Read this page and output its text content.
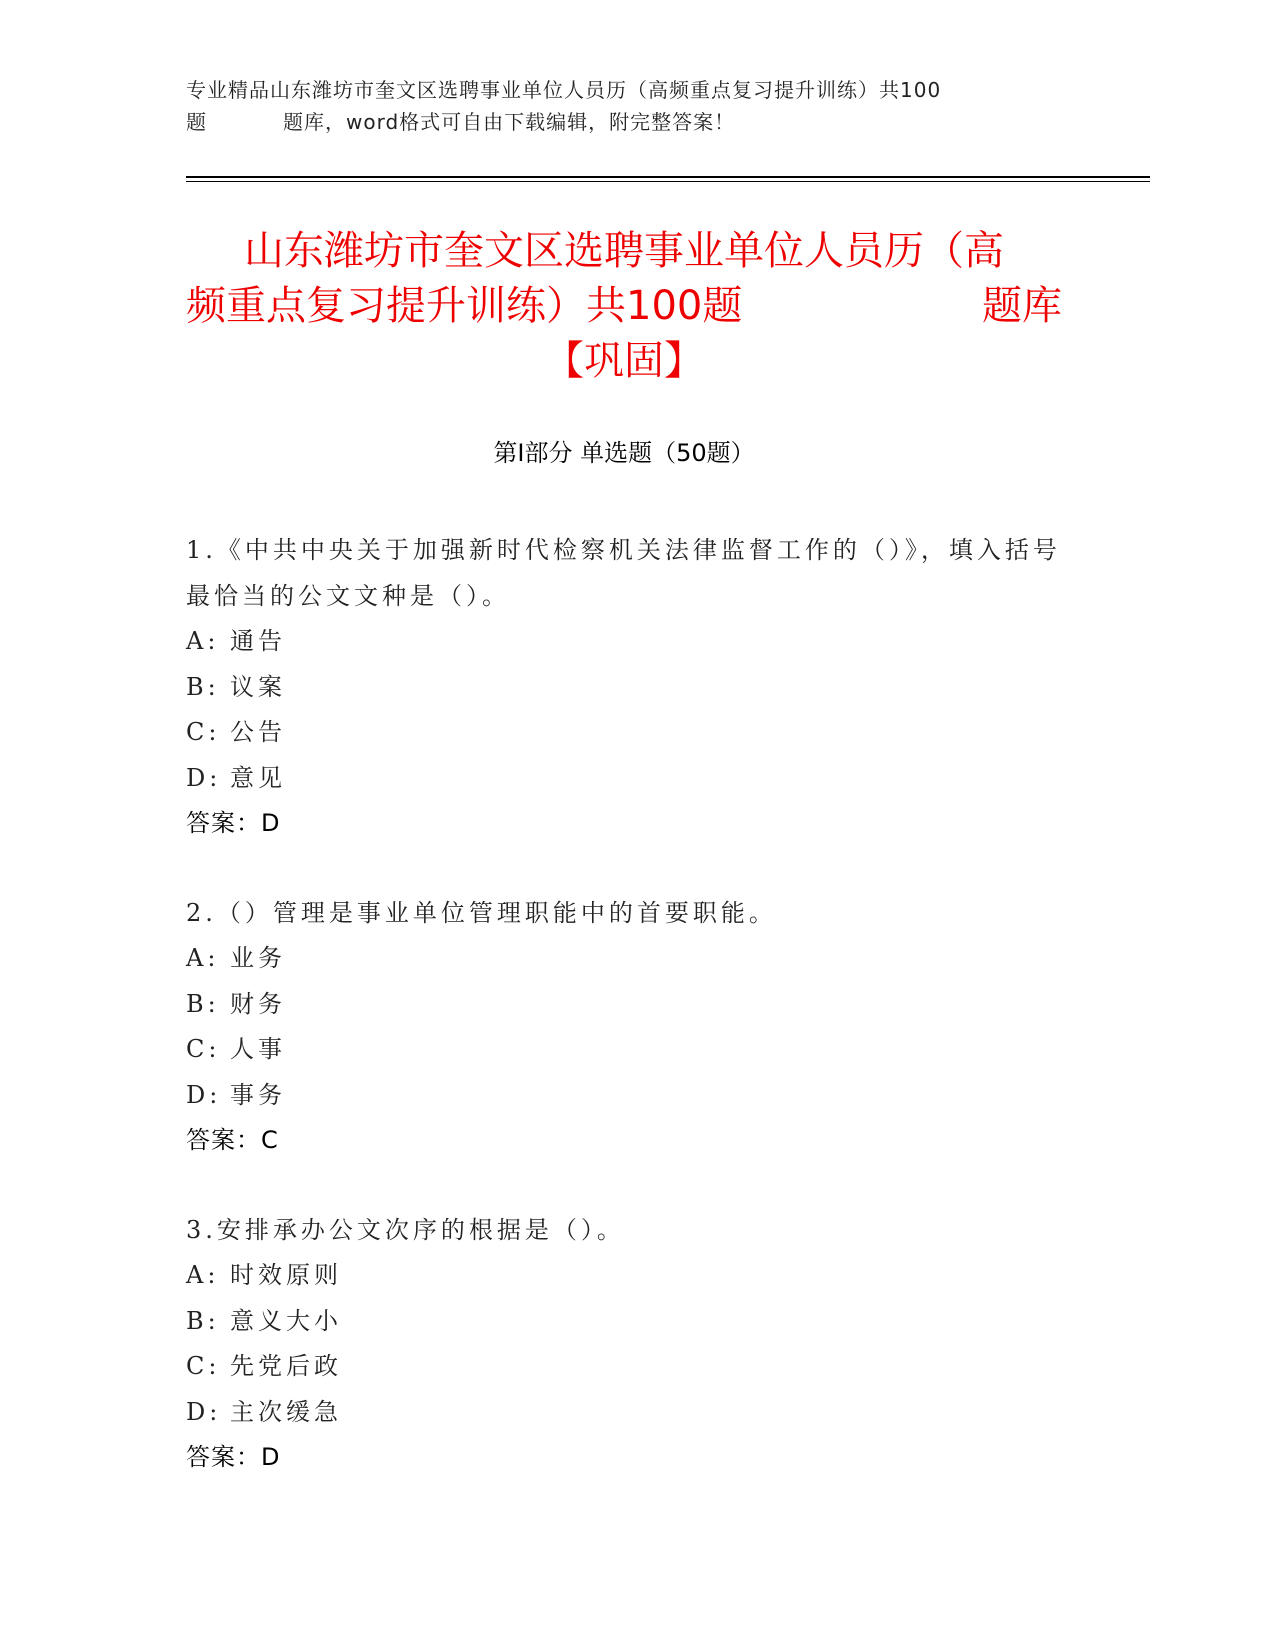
专业精品山东潍坊市奎文区选聘事业单位人员历（高频重点复习提升训练）共100
题	题库，word格式可自由下载编辑，附完整答案！
山东潍坊市奎文区选聘事业单位人员历（高
频重点复习提升训练）共100题	题库
【巩固】
第Ⅰ部分 单选题（50题）
1.《中共中央关于加强新时代检察机关法律监督工作的（）》，填入括号最恰当的公文文种是（）。
A: 通告
B: 议案
C: 公告
D: 意见
答案：D
2.（）管理是事业单位管理职能中的首要职能。
A: 业务
B: 财务
C: 人事
D: 事务
答案：C
3.安排承办公文次序的根据是（）。
A: 时效原则
B: 意义大小
C: 先党后政
D: 主次缓急
答案：D
